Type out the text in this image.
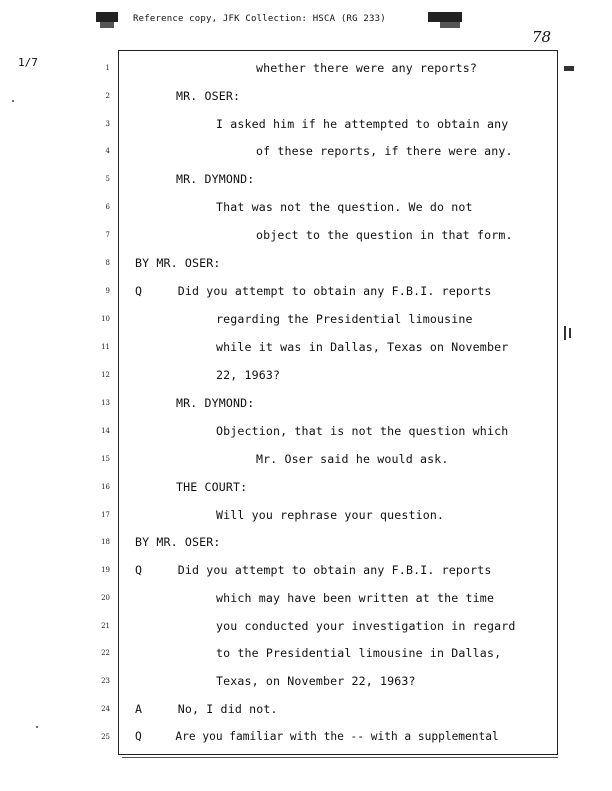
Reference copy, JFK Collection: HSCA (RG 233)
78
1/7	1
2
3
4
5
6
7
8
9
10
11
12
13
14
15
16
17
18
19
20
21
22
23
24
25
whether there were any reports?
MR. OSER:
I asked him if he attempted to obtain any
of these reports, if there were any.
MR. DYMOND:
That was not the question. We do not
object to the question in that form.
BY MR. OSER:
Q     Did you attempt to obtain any F.B.I. reports
regarding the Presidential limousine
while it was in Dallas, Texas on November
22, 1963?
MR. DYMOND:
Objection, that is not the question which
Mr. Oser said he would ask.
THE COURT:
Will you rephrase your question.
BY MR. OSER:
Q     Did you attempt to obtain any F.B.I. reports
which may have been written at the time
you conducted your investigation in regard
to the Presidential limousine in Dallas,
Texas, on November 22, 1963?
A     No, I did not.
Q     Are you familiar with the -- with a supplemental
